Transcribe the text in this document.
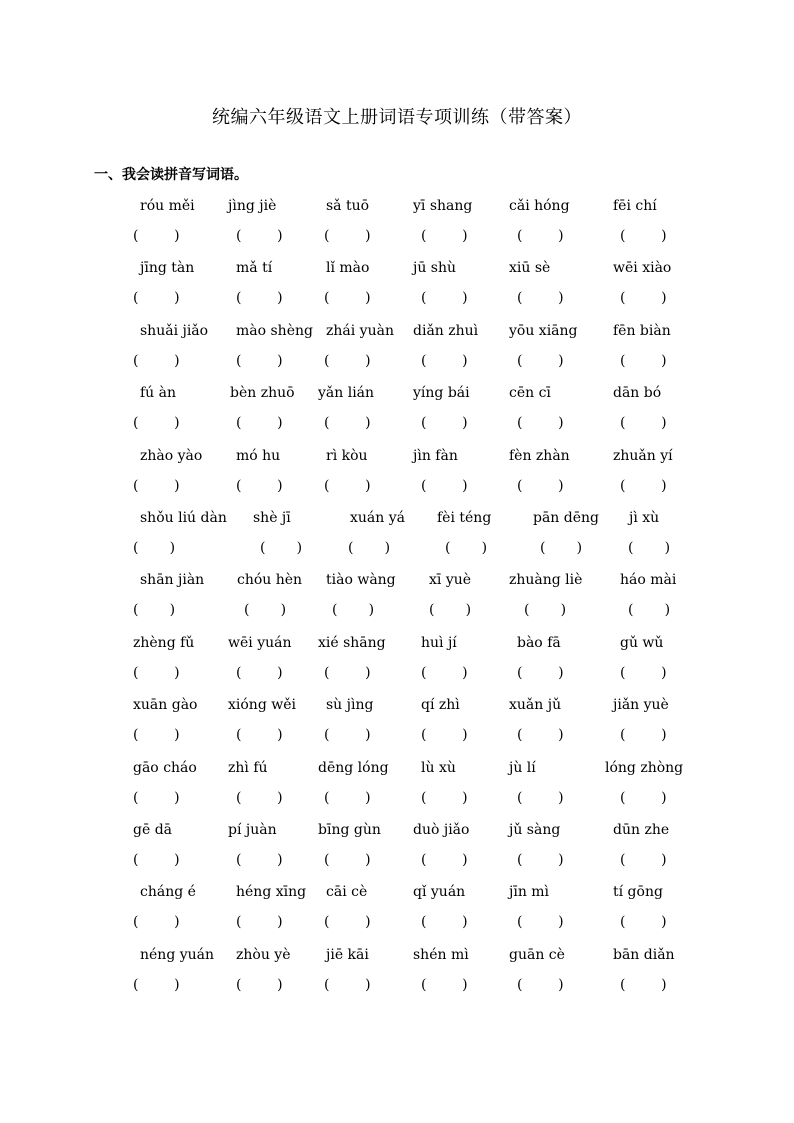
统编六年级语文上册词语专项训练（带答案）
一、我会读拼音写词语。
róu měi
(        )
jìng jiè
(        )
sǎ tuō
(        )
yī shang
(        )
cǎi hóng
(        )
fēi chí
(        )
jīng tàn
(        )
mǎ tí
(        )
lǐ mào
(        )
jū shù
(        )
xiū sè
(        )
wēi xiào
(        )
shuǎi jiǎo
(        )
mào shèng
(        )
zhái yuàn
(        )
diǎn zhuì
(        )
yōu xiāng
(        )
fēn biàn
(        )
fú àn
(        )
bèn zhuō
(        )
yǎn lián
(        )
yíng bái
(        )
cēn cī
(        )
dān bó
(        )
zhào yào
(        )
mó hu
(        )
rì kòu
(        )
jìn fàn
(        )
fèn zhàn
(        )
zhuǎn yí
(        )
shǒu liú dàn
(       )
shè jī
(       )
xuán yá
(       )
fèi téng
(       )
pān dēng
(       )
jì xù
(       )
shān jiàn
(       )
chóu hèn
(       )
tiào wàng
(       )
xī yuè
(       )
zhuàng liè
(       )
háo mài
(       )
zhèng fǔ
(        )
wēi yuán
(        )
xié shāng
(        )
huì jí
(        )
bào fā
(        )
gǔ wǔ
(        )
xuān gào
(        )
xióng wěi
(        )
sù jìng
(        )
qí zhì
(        )
xuǎn jǔ
(        )
jiǎn yuè
(        )
gāo cháo
(        )
zhì fú
(        )
dēng lóng
(        )
lù xù
(        )
jù lí
(        )
lóng zhòng
(        )
gē dā
(        )
pí juàn
(        )
bīng gùn
(        )
duò jiǎo
(        )
jǔ sàng
(        )
dūn zhe
(        )
cháng é
(        )
héng xīng
(        )
cāi cè
(        )
qǐ yuán
(        )
jīn mì
(        )
tí gōng
(        )
néng yuán
(        )
zhòu yè
(        )
jiē kāi
(        )
shén mì
(        )
guān cè
(        )
bān diǎn
(        )
